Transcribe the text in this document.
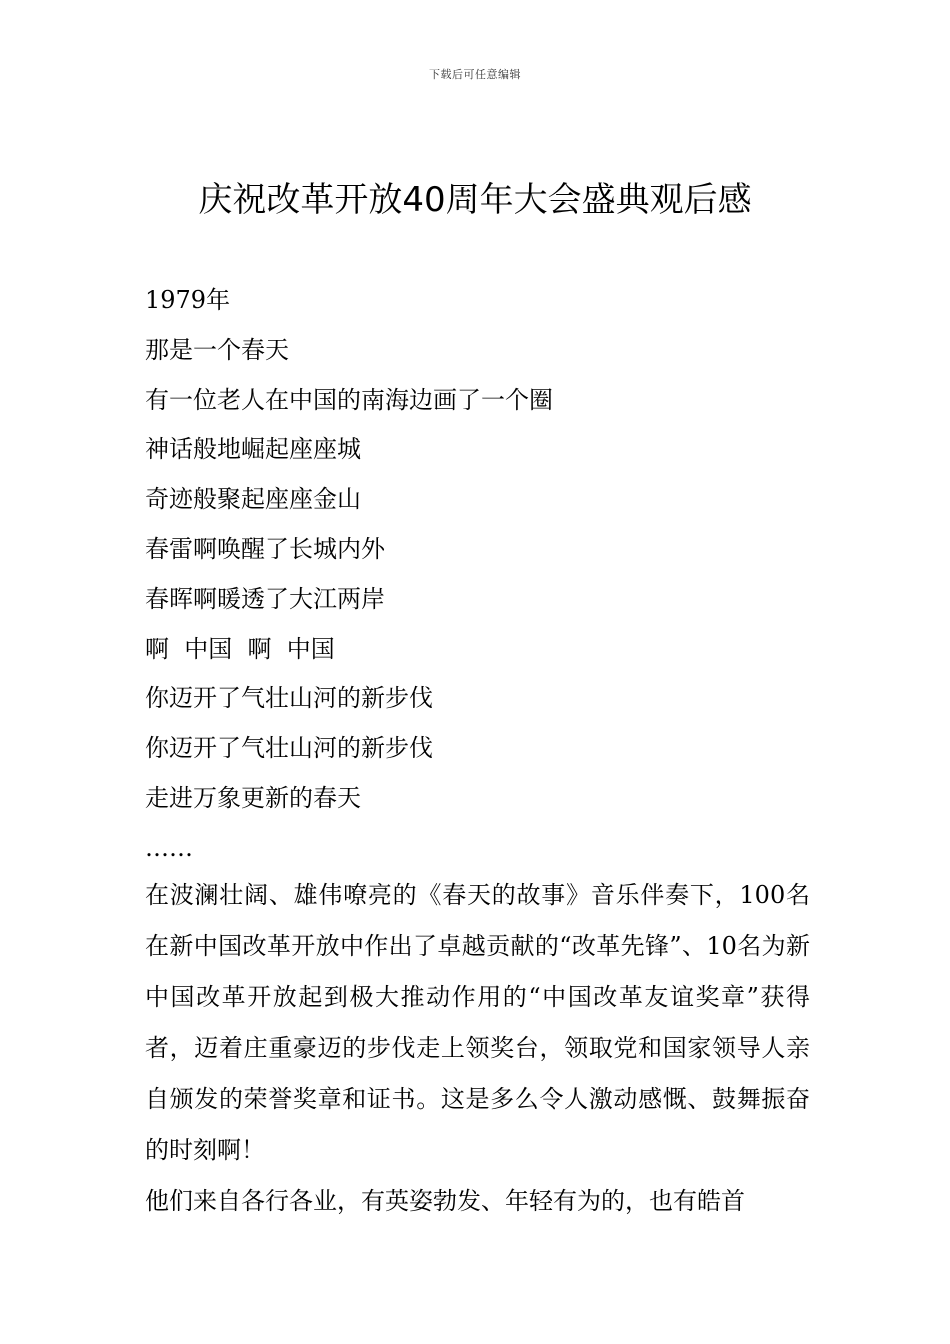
下载后可任意编辑
庆祝改革开放40周年大会盛典观后感
1979年
那是一个春天
有一位老人在中国的南海边画了一个圈
神话般地崛起座座城
奇迹般聚起座座金山
春雷啊唤醒了长城内外
春晖啊暖透了大江两岸
啊  中国  啊  中国
你迈开了气壮山河的新步伐
你迈开了气壮山河的新步伐
走进万象更新的春天
……

在波澜壮阔、雄伟嘹亮的《春天的故事》音乐伴奏下，100名在新中国改革开放中作出了卓越贡献的“改革先锋”、10名为新中国改革开放起到极大推动作用的“中国改革友谊奖章”获得者，迈着庄重豪迈的步伐走上领奖台，领取党和国家领导人亲自颁发的荣誉奖章和证书。这是多么令人激动感慨、鼓舞振奋的时刻啊！

他们来自各行各业，有英姿勃发、年轻有为的，也有皓首
